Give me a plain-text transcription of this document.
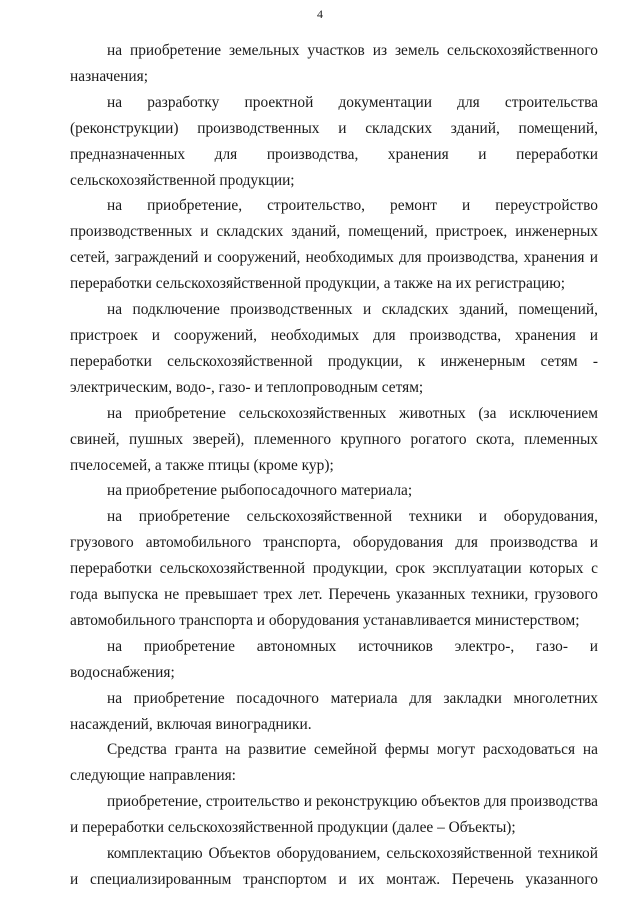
4

на приобретение земельных участков из земель сельскохозяйственного назначения;

на разработку проектной документации для строительства (реконструкции) производственных и складских зданий, помещений, предназначенных для производства, хранения и переработки сельскохозяйственной продукции;

на приобретение, строительство, ремонт и переустройство производственных и складских зданий, помещений, пристроек, инженерных сетей, заграждений и сооружений, необходимых для производства, хранения и переработки сельскохозяйственной продукции, а также на их регистрацию;

на подключение производственных и складских зданий, помещений, пристроек и сооружений, необходимых для производства, хранения и переработки сельскохозяйственной продукции, к инженерным сетям - электрическим, водо-, газо- и теплопроводным сетям;

на приобретение сельскохозяйственных животных (за исключением свиней, пушных зверей), племенного крупного рогатого скота, племенных пчелосемей, а также птицы (кроме кур);

на приобретение рыбопосадочного материала;

на приобретение сельскохозяйственной техники и оборудования, грузового автомобильного транспорта, оборудования для производства и переработки сельскохозяйственной продукции, срок эксплуатации которых с года выпуска не превышает трех лет. Перечень указанных техники, грузового автомобильного транспорта и оборудования устанавливается министерством;

на приобретение автономных источников электро-, газо- и водоснабжения;

на приобретение посадочного материала для закладки многолетних насаждений, включая виноградники.

Средства гранта на развитие семейной фермы могут расходоваться на следующие направления:

приобретение, строительство и реконструкцию объектов для производства и переработки сельскохозяйственной продукции (далее – Объекты);

комплектацию Объектов оборудованием, сельскохозяйственной техникой и специализированным транспортом и их монтаж. Перечень указанного
